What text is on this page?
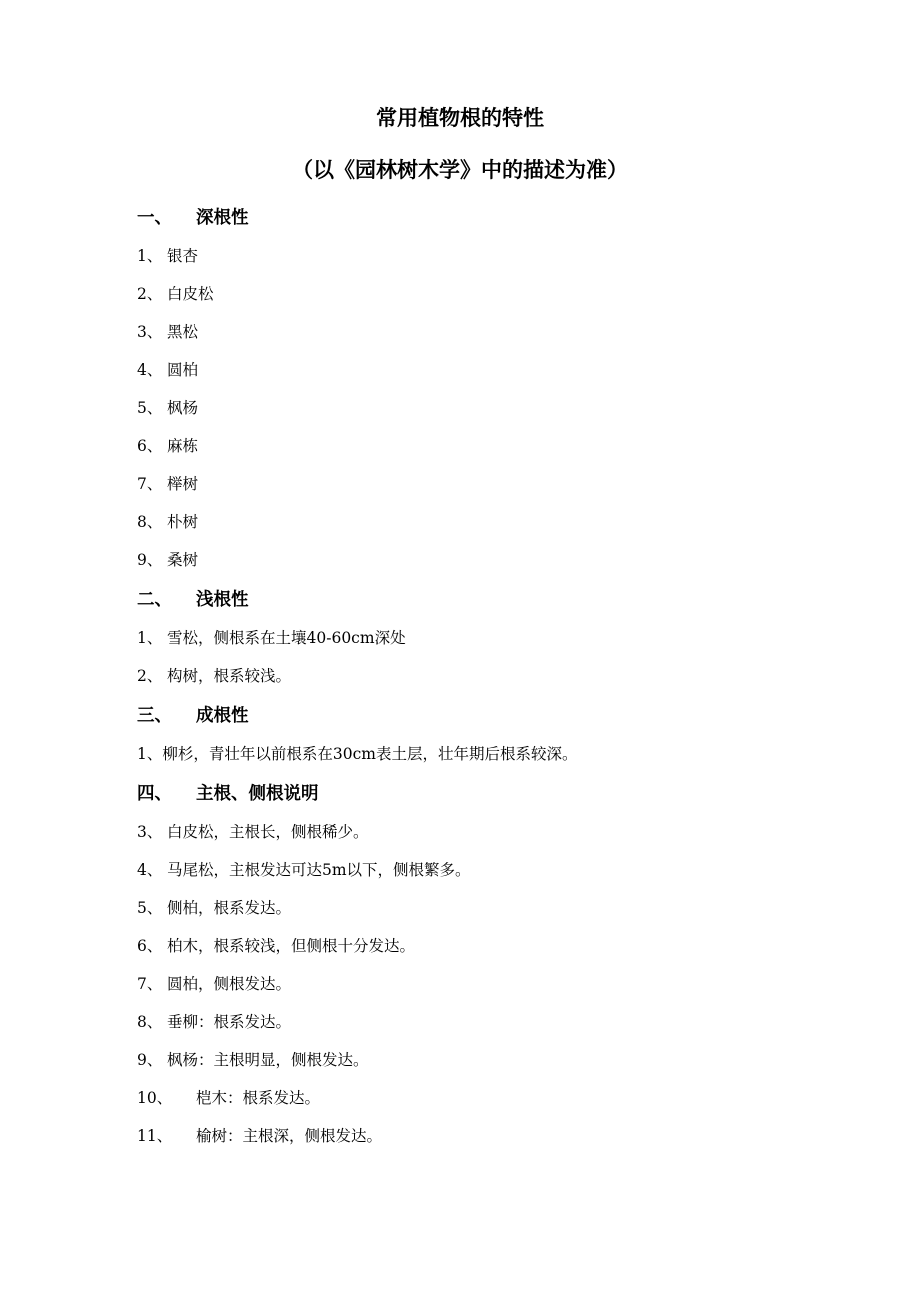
常用植物根的特性
（以《园林树木学》中的描述为准）
一、 深根性
1、 银杏
2、 白皮松
3、 黑松
4、 圆柏
5、 枫杨
6、 麻栋
7、 榉树
8、 朴树
9、 桑树
二、 浅根性
1、 雪松，侧根系在土壤40-60cm深处
2、 构树，根系较浅。
三、 成根性
1、柳杉，青壮年以前根系在30cm表土层，壮年期后根系较深。
四、 主根、侧根说明
3、 白皮松，主根长，侧根稀少。
4、 马尾松，主根发达可达5m以下，侧根繁多。
5、 侧柏，根系发达。
6、 柏木，根系较浅，但侧根十分发达。
7、 圆柏，侧根发达。
8、 垂柳：根系发达。
9、 枫杨：主根明显，侧根发达。
10、 桤木：根系发达。
11、 榆树：主根深，侧根发达。
